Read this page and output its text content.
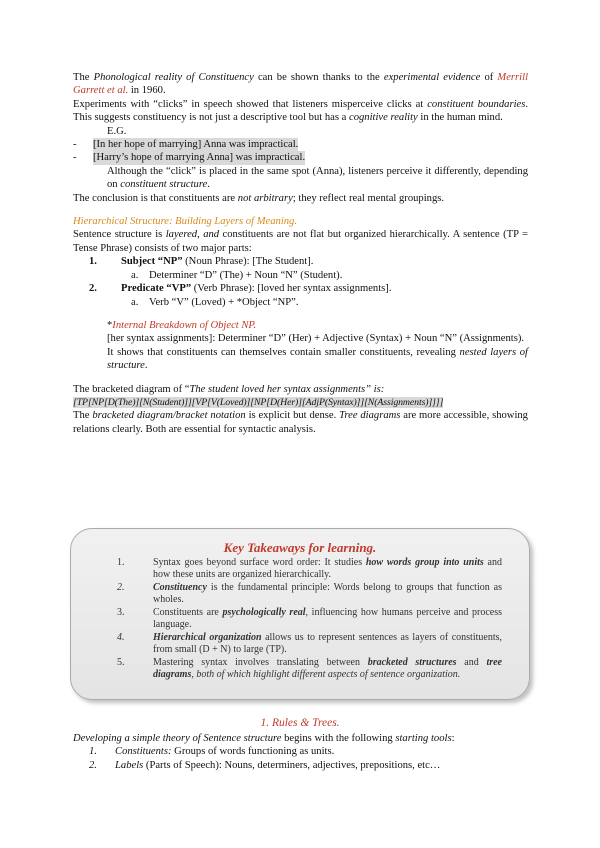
The Phonological reality of Constituency can be shown thanks to the experimental evidence of Merrill Garrett et al. in 1960.

Experiments with “clicks” in speech showed that listeners misperceive clicks at constituent boundaries. This suggests constituency is not just a descriptive tool but has a cognitive reality in the human mind.

E.G.

-	[In her hope of marrying] Anna was impractical.
-	[Harry’s hope of marrying Anna] was impractical.

Although the “click” is placed in the same spot (Anna), listeners perceive it differently, depending on constituent structure.

The conclusion is that constituents are not arbitrary; they reflect real mental groupings.

Hierarchical Structure: Building Layers of Meaning.

Sentence structure is layered, and constituents are not flat but organized hierarchically. A sentence (TP = Tense Phrase) consists of two major parts:

1.	Subject “NP” (Noun Phrase): [The Student].
a.	Determiner “D” (The) + Noun “N” (Student).
2.	Predicate “VP” (Verb Phrase): [loved her syntax assignments].
a.	Verb “V” (Loved) + *Object “NP”.

*Internal Breakdown of Object NP.

[her syntax assignments]: Determiner “D” (Her) + Adjective (Syntax) + Noun “N” (Assignments).

It shows that constituents can themselves contain smaller constituents, revealing nested layers of structure.

The bracketed diagram of “The student loved her syntax assignments” is:

[TP[NP[D(The)][N(Student)]][VP[V(Loved)][NP[D(Her)][AdjP(Syntax)]][N(Assignments)]]]]

The bracketed diagram/bracket notation is explicit but dense. Tree diagrams are more accessible, showing relations clearly. Both are essential for syntactic analysis.

Key Takeaways for learning.
1.	Syntax goes beyond surface word order: It studies how words group into units and how these units are organized hierarchically.
2.	Constituency is the fundamental principle: Words belong to groups that function as wholes.
3.	Constituents are psychologically real, influencing how humans perceive and process language.
4.	Hierarchical organization allows us to represent sentences as layers of constituents, from small (D + N) to large (TP).
5.	Mastering syntax involves translating between bracketed structures and tree diagrams, both of which highlight different aspects of sentence organization.
1. Rules & Trees.

Developing a simple theory of Sentence structure begins with the following starting tools:

1.	Constituents: Groups of words functioning as units.
2.	Labels (Parts of Speech): Nouns, determiners, adjectives, prepositions, etc…
